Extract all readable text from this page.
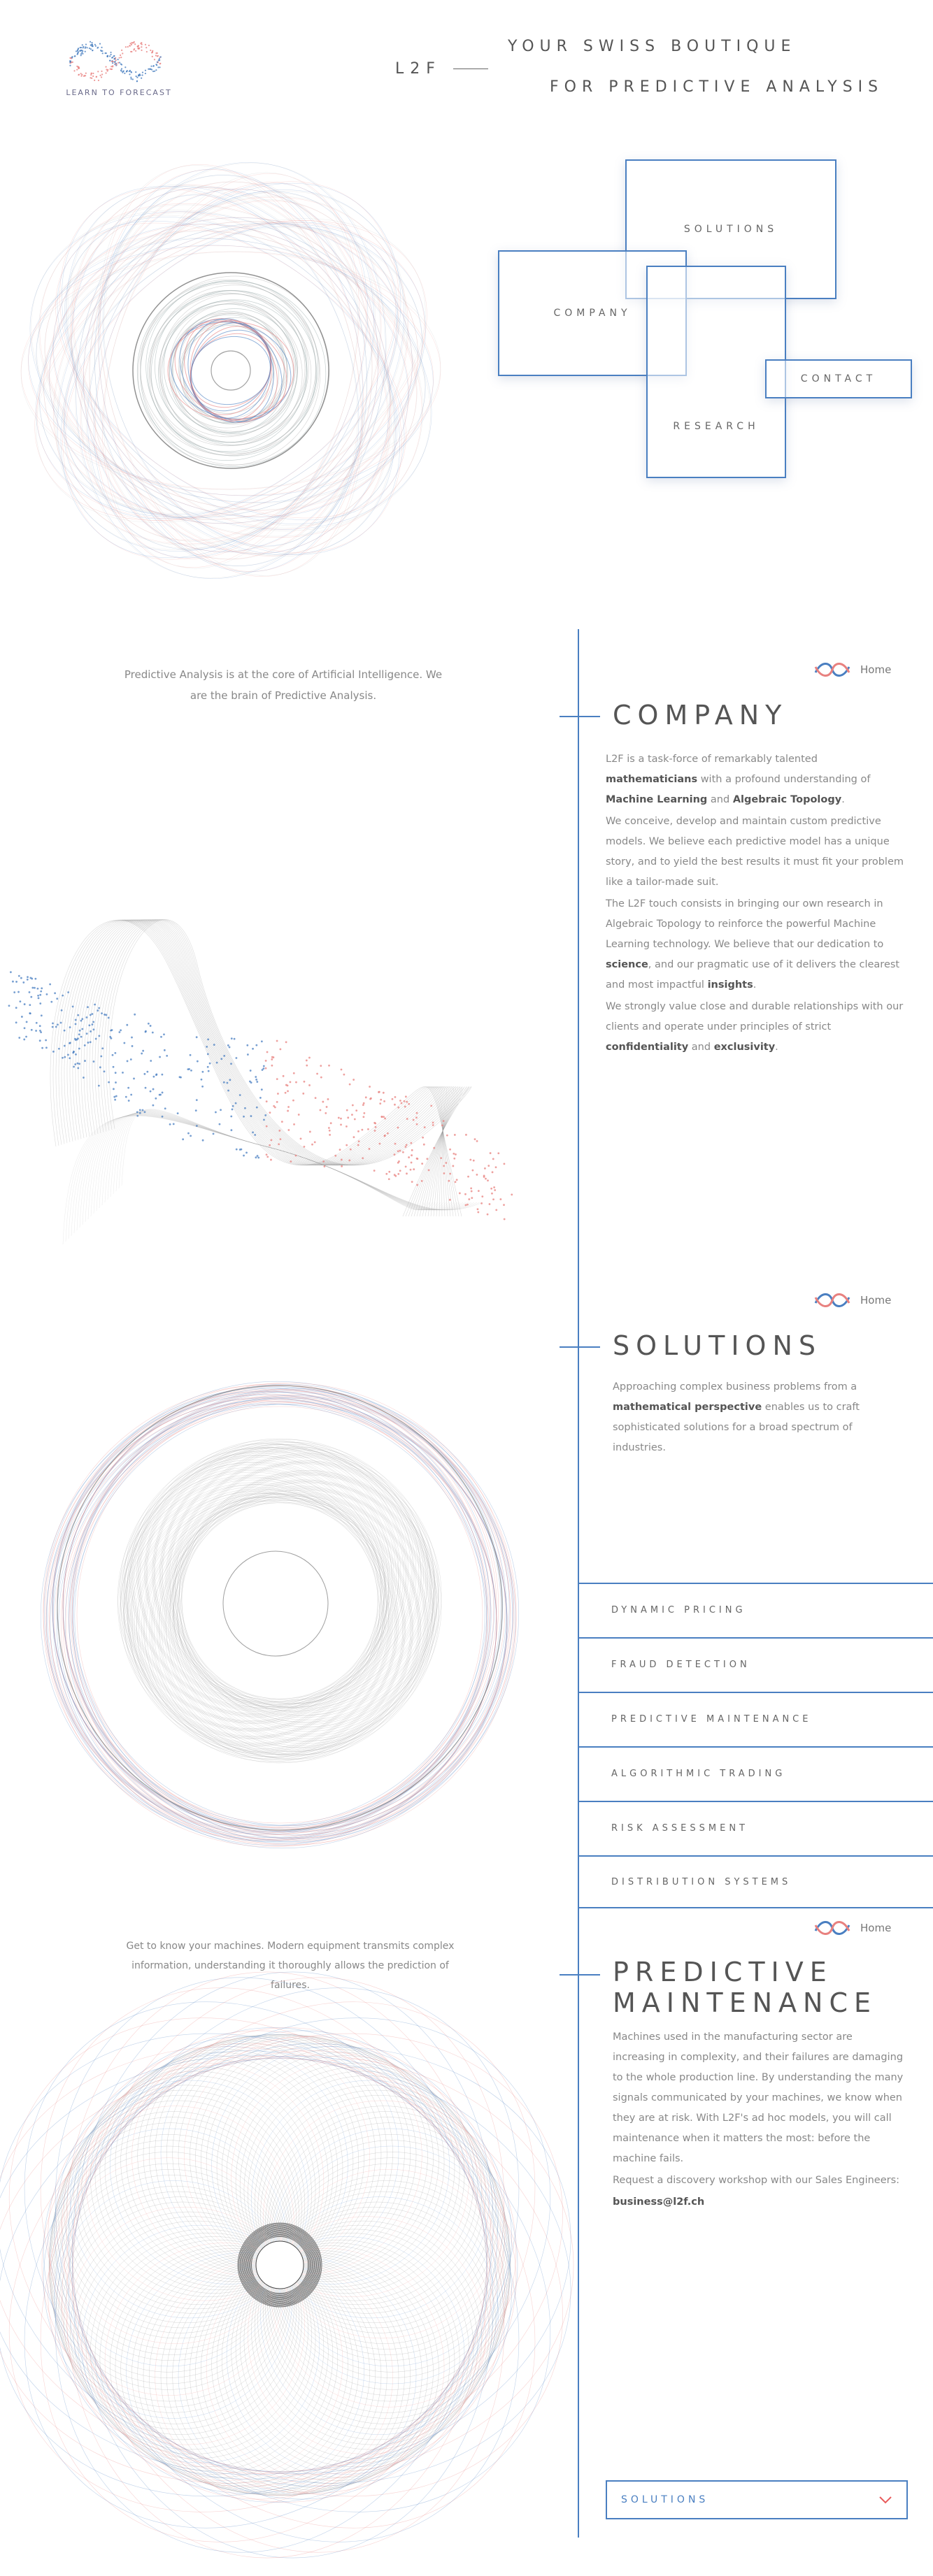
LEARN TO FORECAST
L2F
YOUR SWISS BOUTIQUE
FOR PREDICTIVE ANALYSIS
SOLUTIONS
COMPANY
RESEARCH
CONTACT
Predictive Analysis is at the core of Artificial Intelligence. We are the brain of Predictive Analysis.
Home
COMPANY

L2F is a task-force of remarkably talented mathematicians with a profound understanding of Machine Learning and Algebraic Topology.

We conceive, develop and maintain custom predictive models. We believe each predictive model has a unique story, and to yield the best results it must fit your problem like a tailor-made suit.

The L2F touch consists in bringing our own research in Algebraic Topology to reinforce the powerful Machine Learning technology. We believe that our dedication to science, and our pragmatic use of it delivers the clearest and most impactful insights.

We strongly value close and durable relationships with our clients and operate under principles of strict confidentiality and exclusivity.

Home
SOLUTIONS

Approaching complex business problems from a mathematical perspective enables us to craft sophisticated solutions for a broad spectrum of industries.

DYNAMIC PRICING
FRAUD DETECTION
PREDICTIVE MAINTENANCE
ALGORITHMIC TRADING
RISK ASSESSMENT
DISTRIBUTION SYSTEMS
Home
Get to know your machines. Modern equipment transmits complex information, understanding it thoroughly allows the prediction of failures.	PREDICTIVE
MAINTENANCE

Machines used in the manufacturing sector are increasing in complexity, and their failures are damaging to the whole production line. By understanding the many signals communicated by your machines, we know when they are at risk. With L2F's ad hoc models, you will call maintenance when it matters the most: before the machine fails.

Request a discovery workshop with our Sales Engineers:

business@l2f.ch

SOLUTIONS
